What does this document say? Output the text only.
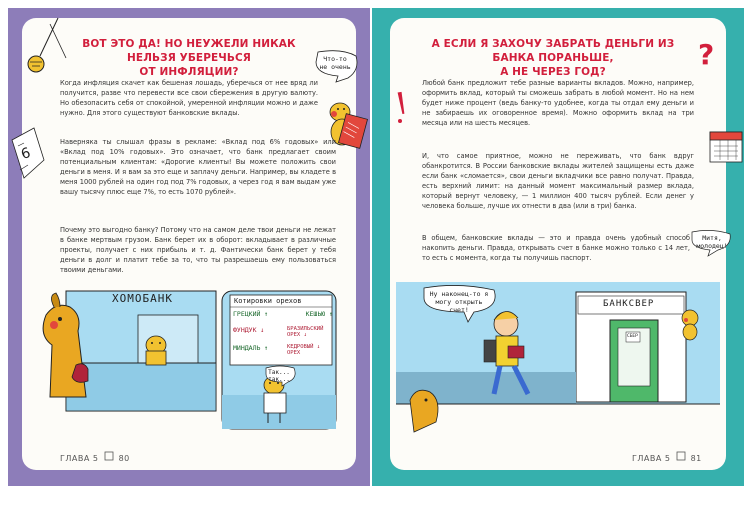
ВОТ ЭТО ДА! НО НЕУЖЕЛИ НИКАК НЕЛЬЗЯ УБЕРЕЧЬСЯ
ОТ ИНФЛЯЦИИ?
Что-то не очень
6
Когда инфляция скачет как бешеная лошадь, уберечься от нее вряд ли получится, разве что перевести все свои сбережения в другую валюту. Но обезопасить себя от спокойной, умеренной инфляции можно и даже нужно. Для этого существуют банковские вклады.
Наверняка ты слышал фразы в рекламе: «Вклад под 6% годовых» или «Вклад под 10% годовых». Это означает, что банк предлагает своим потенциальным клиентам: «Дорогие клиенты! Вы можете положить свои деньги в меня. И я вам за это еще и заплачу деньги. Например, вы кладете в меня 1000 рублей на один год под 7% годовых, а через год я вам выдам уже вашу тысячу плюс еще 7%, то есть 1070 рублей».
Почему это выгодно банку? Потому что на самом деле твои деньги не лежат в банке мертвым грузом. Банк берет их в оборот: вкладывает в различные проекты, получает с них прибыль и т. д. Фантически банк берет у тебя деньги в долг и платит тебе за то, что ты разрешаешь ему пользоваться твоими деньгами.
ХОМОБАНК	Котировки орехов
ГРЕЦКИЙ ↑	КЕШЬЮ ↑
ФУНДУК ↓	БРАЗИЛЬСКИЙ ОРЕХ ↓
МИНДАЛЬ ↑	КЕДРОВЫЙ ↓ ОРЕХ
Так... так...
ГЛАВА 5	80
А ЕСЛИ Я ЗАХОЧУ ЗАБРАТЬ ДЕНЬГИ ИЗ БАНКА ПОРАНЬШЕ,
А НЕ ЧЕРЕЗ ГОД?
?
Любой банк предложит тебе разные варианты вкладов. Можно, например, оформить вклад, который ты сможешь забрать в любой момент. Но на нем будет ниже процент (ведь банку-то удобнее, когда ты отдал ему деньги и не забираешь их оговоренное время). Можно оформить вклад на три месяца или на шесть месяцев.
И, что самое приятное, можно не переживать, что банк вдруг обанкротится. В России банковские вклады жителей защищены есть даже если банк «сломается», свои деньги вкладчики все равно получат. Правда, есть верхний лимит: на данный момент максимальный размер вклада, который вернут человеку, — 1 миллион 400 тысяч рублей. Если денег у человека больше, лучше их отнести в два (или в три) банка.
В общем, банковские вклады — это и правда очень удобный способ накопить деньги. Правда, открывать счет в банке можно только с 14 лет, то есть с момента, когда ты получишь паспорт.
Митя, молодец!
БАНКСВЕР
СБЕР
Ну наконец-то я могу открыть счет!
ГЛАВА 5	81
